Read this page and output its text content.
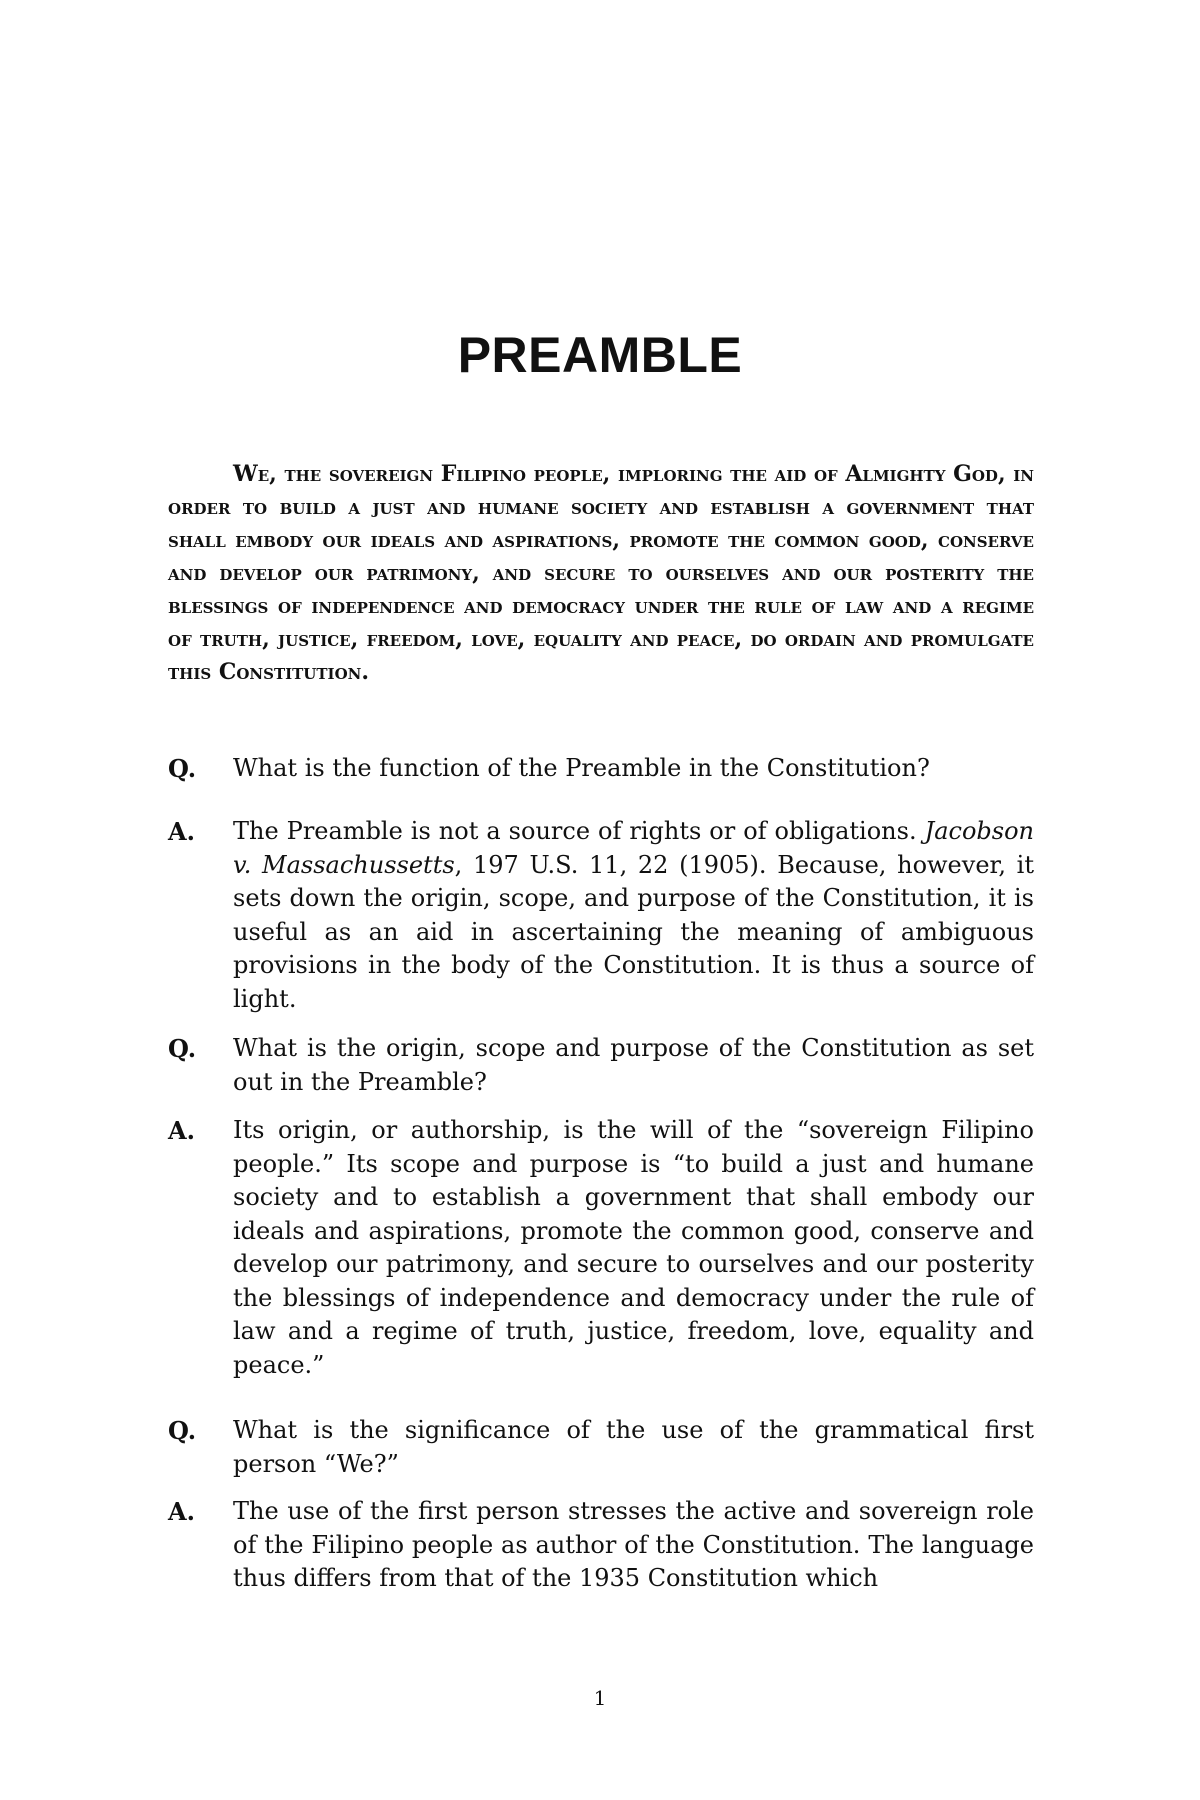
PREAMBLE

We, the sovereign Filipino people, imploring the aid of Almighty God, in order to build a just and humane society and establish a government that shall embody our ideals and aspirations, promote the common good, conserve and develop our patrimony, and secure to ourselves and our posterity the blessings of independence and democracy under the rule of law and a regime of truth, justice, freedom, love, equality and peace, do ordain and promulgate this Constitution.

Q.	What is the function of the Preamble in the Constitution?
A.	The Preamble is not a source of rights or of obligations. Jacobson v. Massachussetts, 197 U.S. 11, 22 (1905). Because, however, it sets down the origin, scope, and purpose of the Constitution, it is useful as an aid in ascertaining the meaning of ambiguous provisions in the body of the Constitution. It is thus a source of light.
Q.	What is the origin, scope and purpose of the Constitution as set out in the Preamble?
A.	Its origin, or authorship, is the will of the “sovereign Filipino people.” Its scope and purpose is “to build a just and humane society and to establish a government that shall embody our ideals and aspirations, promote the common good, conserve and develop our patrimony, and secure to ourselves and our posterity the blessings of independence and democracy under the rule of law and a regime of truth, justice, freedom, love, equality and peace.”
Q.	What is the significance of the use of the grammatical first person “We?”
A.	The use of the first person stresses the active and sovereign role of the Filipino people as author of the Constitution. The language thus differs from that of the 1935 Constitution which
1
